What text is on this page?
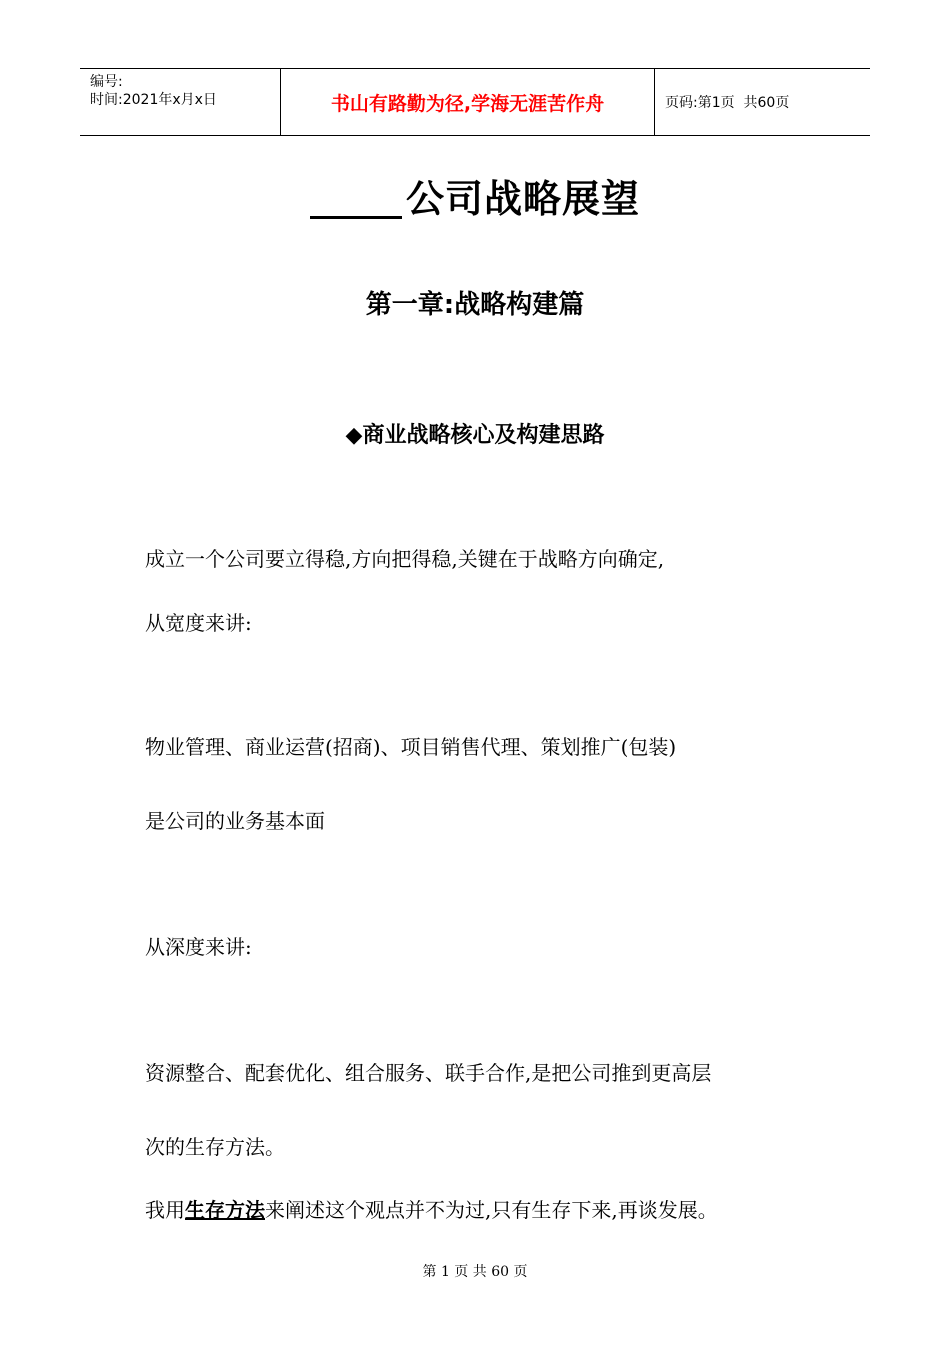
编号:
时间:2021年x月x日	书山有路勤为径,学海无涯苦作舟	页码:第1页  共60页
公司战略展望
第一章:战略构建篇
◆商业战略核心及构建思路
成立一个公司要立得稳,方向把得稳,关键在于战略方向确定,
从宽度来讲:
物业管理、商业运营(招商)、项目销售代理、策划推广(包装)
是公司的业务基本面
从深度来讲:
资源整合、配套优化、组合服务、联手合作,是把公司推到更高层
次的生存方法。
我用生存方法来阐述这个观点并不为过,只有生存下来,再谈发展。
第 1 页 共 60 页
